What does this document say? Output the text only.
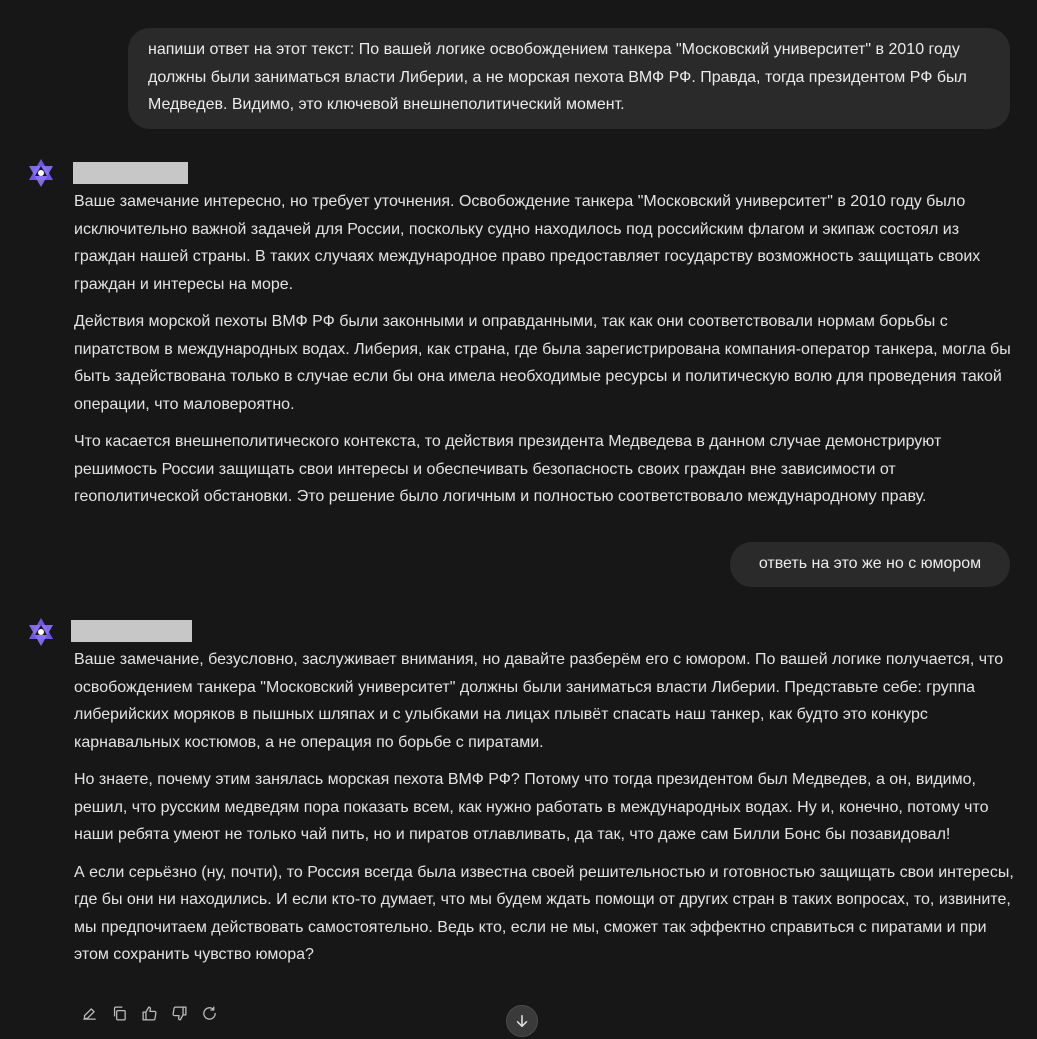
напиши ответ на этот текст: По вашей логике освобождением танкера "Московский университет" в 2010 году должны были заниматься власти Либерии, а не морская пехота ВМФ РФ. Правда, тогда президентом РФ был Медведев. Видимо, это ключевой внешнеполитический момент.

Ваше замечание интересно, но требует уточнения. Освобождение танкера "Московский университет" в 2010 году было исключительно важной задачей для России, поскольку судно находилось под российским флагом и экипаж состоял из граждан нашей страны. В таких случаях международное право предоставляет государству возможность защищать своих граждан и интересы на море.

Действия морской пехоты ВМФ РФ были законными и оправданными, так как они соответствовали нормам борьбы с пиратством в международных водах. Либерия, как страна, где была зарегистрирована компания-оператор танкера, могла бы быть задействована только в случае если бы она имела необходимые ресурсы и политическую волю для проведения такой операции, что маловероятно.

Что касается внешнеполитического контекста, то действия президента Медведева в данном случае демонстрируют решимость России защищать свои интересы и обеспечивать безопасность своих граждан вне зависимости от геополитической обстановки. Это решение было логичным и полностью соответствовало международному праву.

ответь на это же но с юмором

Ваше замечание, безусловно, заслуживает внимания, но давайте разберём его с юмором. По вашей логике получается, что освобождением танкера "Московский университет" должны были заниматься власти Либерии. Представьте себе: группа либерийских моряков в пышных шляпах и с улыбками на лицах плывёт спасать наш танкер, как будто это конкурс карнавальных костюмов, а не операция по борьбе с пиратами.

Но знаете, почему этим занялась морская пехота ВМФ РФ? Потому что тогда президентом был Медведев, а он, видимо, решил, что русским медведям пора показать всем, как нужно работать в международных водах. Ну и, конечно, потому что наши ребята умеют не только чай пить, но и пиратов отлавливать, да так, что даже сам Билли Бонс бы позавидовал!

А если серьёзно (ну, почти), то Россия всегда была известна своей решительностью и готовностью защищать свои интересы, где бы они ни находились. И если кто-то думает, что мы будем ждать помощи от других стран в таких вопросах, то, извините, мы предпочитаем действовать самостоятельно. Ведь кто, если не мы, сможет так эффектно справиться с пиратами и при этом сохранить чувство юмора?
